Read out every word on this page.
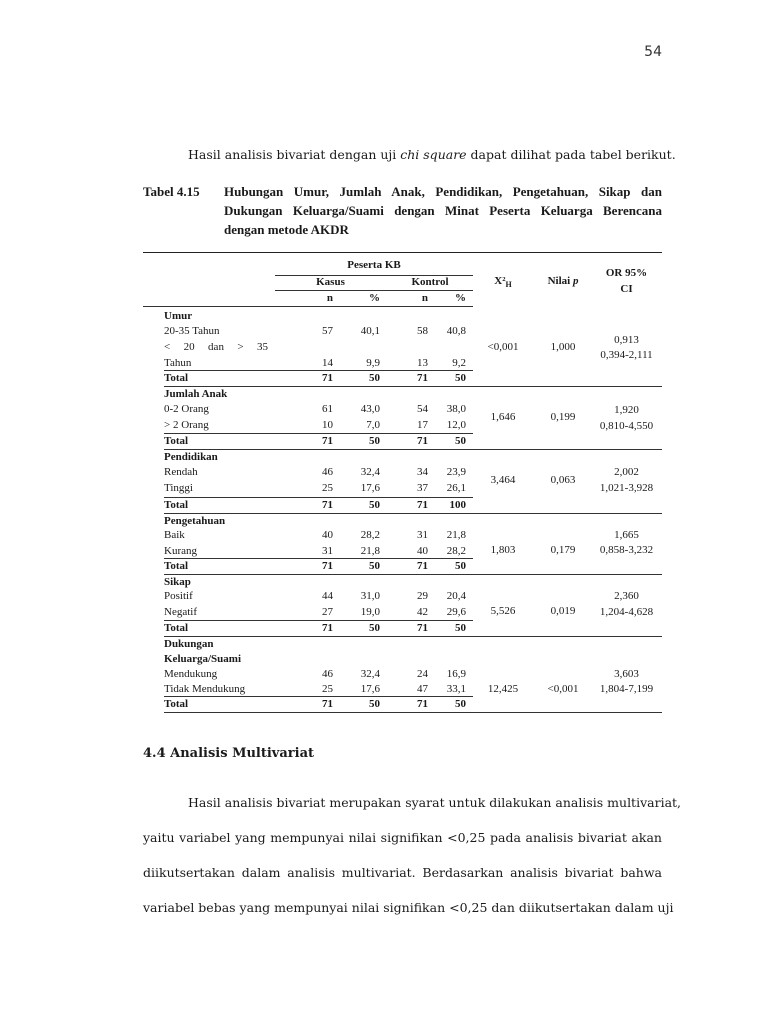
54
Hasil analisis bivariat dengan uji chi square dapat dilihat pada tabel berikut.
Tabel 4.15 Hubungan Umur, Jumlah Anak, Pendidikan, Pengetahuan, Sikap dan Dukungan Keluarga/Suami dengan Minat Peserta Keluarga Berencana dengan metode AKDR
Peserta KB
Kasus	Kontrol
n	%	n	%
$X^2_H$	Nilai p
OR 95%
CI
Umur
20-35 Tahun	57	40,1	58	40,8
< 20 dan > 35
Tahun	14	9,9	13	9,2
Total	71	50	71	50
<0,001	1,000
0,913
0,394-2,111
Jumlah Anak
0-2 Orang	61	43,0	54	38,0
> 2 Orang	10	7,0	17	12,0
Total	71	50	71	50
1,646	0,199
1,920
0,810-4,550
Pendidikan
Rendah	46	32,4	34	23,9
Tinggi	25	17,6	37	26,1
Total	71	50	71	100
3,464	0,063
2,002
1,021-3,928
Pengetahuan
Baik	40	28,2	31	21,8
Kurang	31	21,8	40	28,2
Total	71	50	71	50
1,803	0,179
1,665
0,858-3,232
Sikap
Positif	44	31,0	29	20,4
Negatif	27	19,0	42	29,6
Total	71	50	71	50
5,526	0,019
2,360
1,204-4,628
Dukungan
Keluarga/Suami
Mendukung	46	32,4	24	16,9
Tidak Mendukung	25	17,6	47	33,1
Total	71	50	71	50
12,425	<0,001
3,603
1,804-7,199
4.4 Analisis Multivariat
Hasil analisis bivariat merupakan syarat untuk dilakukan analisis multivariat,
yaitu variabel yang mempunyai nilai signifikan <0,25 pada analisis bivariat akan
diikutsertakan dalam analisis multivariat. Berdasarkan analisis bivariat bahwa
variabel bebas yang mempunyai nilai signifikan <0,25 dan diikutsertakan dalam uji
